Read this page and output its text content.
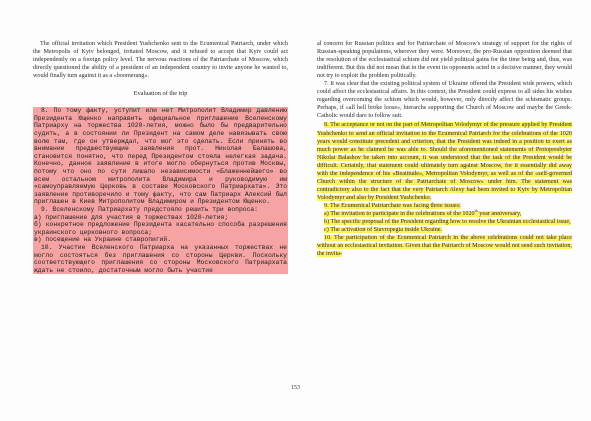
The official invitation which President Yushchenko sent to the Ecumenical Patriarch, under which the Metropolis of Kyiv belonged, irritated Moscow, and it refused to accept that Kyiv could act independently on a foreign policy level. The nervous reactions of the Patriarchate of Moscow, which directly questioned the ability of a president of an independent country to invite anyone he wanted to, would finally turn against it as a «boomerang».

Evaluation of the trip

8. По тому факту, уступит или нет Митрополит Владимир давлению Президента Ющенко направить официальное приглашение Вселенскому Патриарху на торжества 1020-летия, можно было бы предварительно судить, а в состоянии ли Президент на самом деле навязывать свою волю там, где он утверждал, что мог это сделать. Если принять во внимание предшествующие заявления прот. Николая Балашова, становится понятно, что перед Президентом стояла нелегкая задача. Конечно, данное заявление в итоге могло обернуться против Москвы, потому что оно по сути лишало независимости «Блаженнейшего» во всем остальном митрополита Владимира и руководимую им «самоуправляемую Церковь в составе Московского Патриархата». Это заявление противоречило и тому факту, что сам Патриарх Алексий был приглашен в Киев Митрополитом Владимиром и Президентом Ющенко.

9. Вселенскому Патриархату предстояло решить три вопроса:

а) приглашение для участия в торжествах 1020-летия;

б) конкретное предложение Президента касательно способа разрешения украинского церковного вопроса;

в) посещение на Украине ставропигий.

10. Участие Вселенского Патриарха на указанных торжествах не могло состояться без приглашения со стороны Церкви. Поскольку соответствующего приглашения со стороны Московского Патриархата ждать не стоило, достаточным могло быть участие

al concern for Russian politics and for Patriarchate of Moscow's strategy of support for the rights of Russian-speaking populations, wherever they were. Moreover, the pro-Russian opposition deemed that the resolution of the ecclesiastical schism did not yield political gains for the time being and, thus, was indifferent. But this did not mean that in the event its opponents acted in a decisive manner, they would not try to exploit the problem politically.

7. It was clear that the existing political system of Ukraine offered the President wide powers, which could affect the ecclesiastical affairs. In this context, the President could express to all sides his wishes regarding overcoming the schism which would, however, only directly affect the schismatic groups. Perhaps, if «all hell broke loose», hierarchs supporting the Church of Moscow and maybe the Greek-Catholic would dare to follow suit.

8. The acceptance or not on the part of Metropolitan Volodymyr of the pressure applied by President Yushchenko to send an official invitation to the Ecumenical Patriarch for the celebrations of the 1020 years would constitute precedent and criterion, that the President was indeed in a position to exert as much power as he claimed he was able to. Should the aforementioned statements of Protopresbyter Nikolai Balashov be taken into account, it was understood that the task of the President would be difficult. Certainly, that statement could ultimately turn against Moscow, for it essentially did away with the independence of his «Beatitude», Metropolitan Volodymyr, as well as of the «self-governed Church within the structure of the Patriarchate of Moscow» under him. The statement was contradictory also to the fact that the very Patriarch Alexy had been invited to Kyiv by Metropolitan Volodymyr and also by President Yushchenko.

9. The Ecumenical Patriarchate was facing three issues:

a) The invitation to participate in the celebrations of the 1020th year anniversary,

b) The specific proposal of the President regarding how to resolve the Ukrainian ecclesiastical issue,

c) The activation of Stavropegia inside Ukraine.

10. The participation of the Ecumenical Patriarch in the above celebrations could not take place without an ecclesiastical invitation. Given that the Patriarch of Moscow would not send such invitation, the invita-

153
